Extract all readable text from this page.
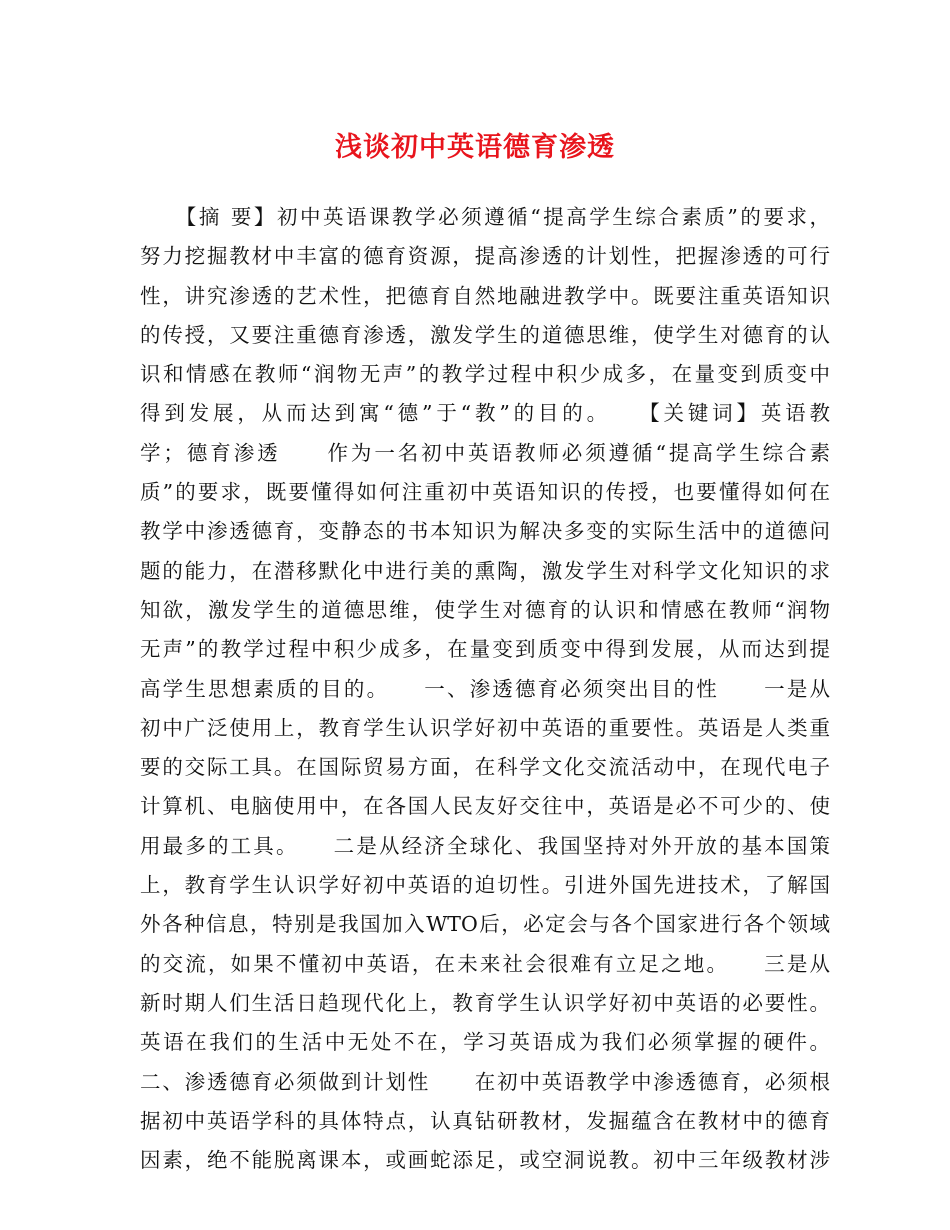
浅谈初中英语德育渗透
　　【摘 要】初中英语课教学必须遵循“提高学生综合素质”的要求，
努力挖掘教材中丰富的德育资源，提高渗透的计划性，把握渗透的可行
性，讲究渗透的艺术性，把德育自然地融进教学中。既要注重英语知识
的传授，又要注重德育渗透，激发学生的道德思维，使学生对德育的认
识和情感在教师“润物无声”的教学过程中积少成多，在量变到质变中
得到发展，从而达到寓“德”于“教”的目的。　　【关键词】英语教
学；德育渗透　　作为一名初中英语教师必须遵循“提高学生综合素
质”的要求，既要懂得如何注重初中英语知识的传授，也要懂得如何在
教学中渗透德育，变静态的书本知识为解决多变的实际生活中的道德问
题的能力，在潜移默化中进行美的熏陶，激发学生对科学文化知识的求
知欲，激发学生的道德思维，使学生对德育的认识和情感在教师“润物
无声”的教学过程中积少成多，在量变到质变中得到发展，从而达到提
高学生思想素质的目的。　　一、渗透德育必须突出目的性　　一是从
初中广泛使用上，教育学生认识学好初中英语的重要性。英语是人类重
要的交际工具。在国际贸易方面，在科学文化交流活动中，在现代电子
计算机、电脑使用中，在各国人民友好交往中，英语是必不可少的、使
用最多的工具。　　二是从经济全球化、我国坚持对外开放的基本国策
上，教育学生认识学好初中英语的迫切性。引进外国先进技术，了解国
外各种信息，特别是我国加入WTO后，必定会与各个国家进行各个领域
的交流，如果不懂初中英语，在未来社会很难有立足之地。　　三是从
新时期人们生活日趋现代化上，教育学生认识学好初中英语的必要性。
英语在我们的生活中无处不在，学习英语成为我们必须掌握的硬件。
二、渗透德育必须做到计划性　　在初中英语教学中渗透德育，必须根
据初中英语学科的具体特点，认真钻研教材，发掘蕴含在教材中的德育
因素，绝不能脱离课本，或画蛇添足，或空洞说教。初中三年级教材涉
